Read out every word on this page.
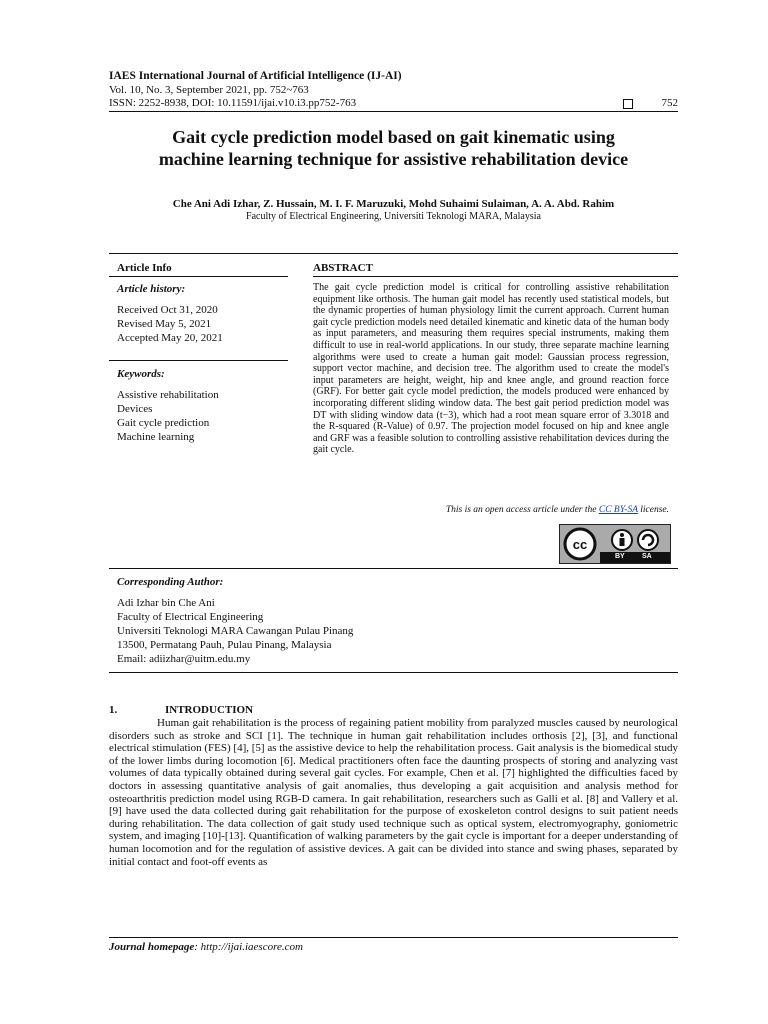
IAES International Journal of Artificial Intelligence (IJ-AI)
Vol. 10, No. 3, September 2021, pp. 752~763
ISSN: 2252-8938, DOI: 10.11591/ijai.v10.i3.pp752-763	752
Gait cycle prediction model based on gait kinematic using
machine learning technique for assistive rehabilitation device
Che Ani Adi Izhar, Z. Hussain, M. I. F. Maruzuki, Mohd Suhaimi Sulaiman, A. A. Abd. Rahim
Faculty of Electrical Engineering, Universiti Teknologi MARA, Malaysia
Article Info
Article history:
Received Oct 31, 2020
Revised May 5, 2021
Accepted May 20, 2021
Keywords:
Assistive rehabilitation
Devices
Gait cycle prediction
Machine learning
ABSTRACT
The gait cycle prediction model is critical for controlling assistive rehabilitation equipment like orthosis. The human gait model has recently used statistical models, but the dynamic properties of human physiology limit the current approach. Current human gait cycle prediction models need detailed kinematic and kinetic data of the human body as input parameters, and measuring them requires special instruments, making them difficult to use in real-world applications. In our study, three separate machine learning algorithms were used to create a human gait model: Gaussian process regression, support vector machine, and decision tree. The algorithm used to create the model's input parameters are height, weight, hip and knee angle, and ground reaction force (GRF). For better gait cycle model prediction, the models produced were enhanced by incorporating different sliding window data. The best gait period prediction model was DT with sliding window data (t−3), which had a root mean square error of 3.3018 and the R-squared (R-Value) of 0.97. The projection model focused on hip and knee angle and GRF was a feasible solution to controlling assistive rehabilitation devices during the gait cycle.
This is an open access article under the CC BY-SA license.
cc
BY SA
Corresponding Author:
Adi Izhar bin Che Ani
Faculty of Electrical Engineering
Universiti Teknologi MARA Cawangan Pulau Pinang
13500, Permatang Pauh, Pulau Pinang, Malaysia
Email: adiizhar@uitm.edu.my
1.	INTRODUCTION

Human gait rehabilitation is the process of regaining patient mobility from paralyzed muscles caused by neurological disorders such as stroke and SCI [1]. The technique in human gait rehabilitation includes orthosis [2], [3], and functional electrical stimulation (FES) [4], [5] as the assistive device to help the rehabilitation process. Gait analysis is the biomedical study of the lower limbs during locomotion [6]. Medical practitioners often face the daunting prospects of storing and analyzing vast volumes of data typically obtained during several gait cycles. For example, Chen et al. [7] highlighted the difficulties faced by doctors in assessing quantitative analysis of gait anomalies, thus developing a gait acquisition and analysis method for osteoarthritis prediction model using RGB-D camera. In gait rehabilitation, researchers such as Galli et al. [8] and Vallery et al. [9] have used the data collected during gait rehabilitation for the purpose of exoskeleton control designs to suit patient needs during rehabilitation. The data collection of gait study used technique such as optical system, electromyography, goniometric system, and imaging [10]-[13]. Quantification of walking parameters by the gait cycle is important for a deeper understanding of human locomotion and for the regulation of assistive devices. A gait can be divided into stance and swing phases, separated by initial contact and foot-off events as

Journal homepage: http://ijai.iaescore.com
